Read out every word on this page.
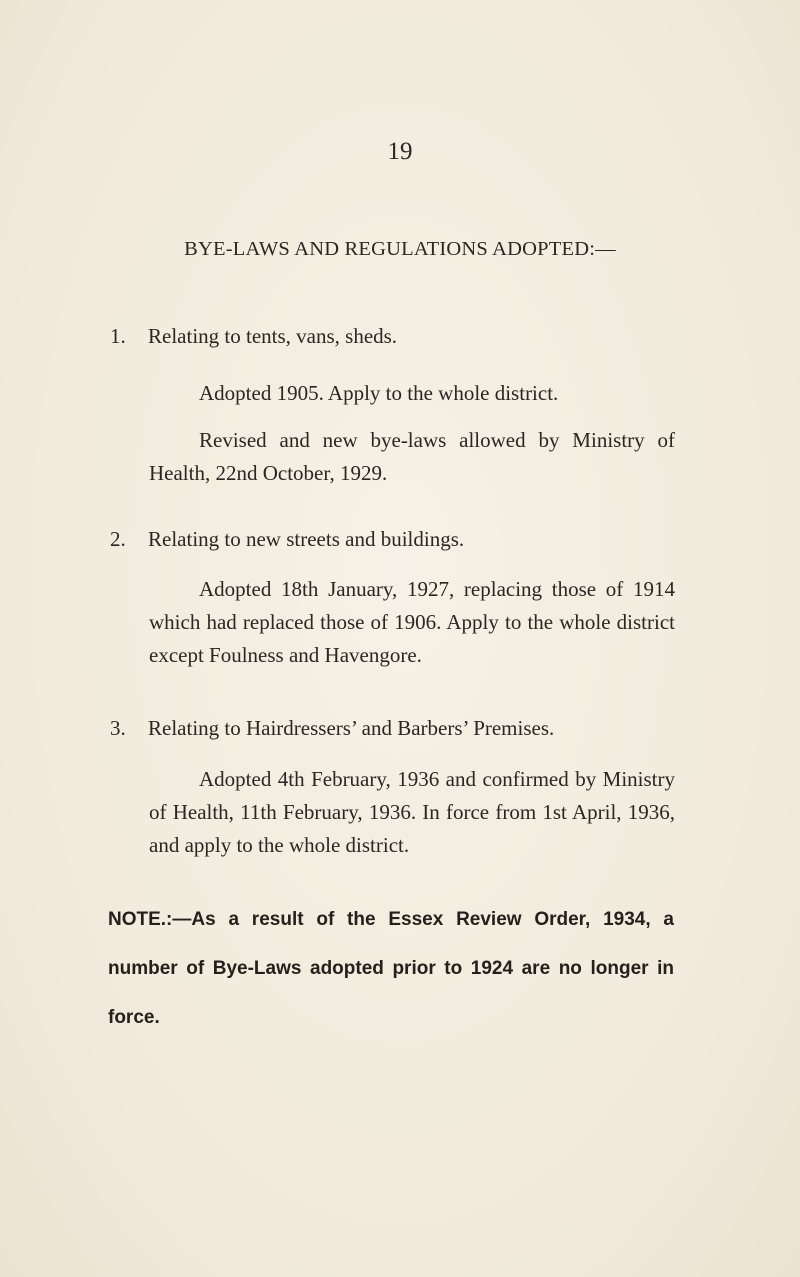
19
BYE-LAWS AND REGULATIONS ADOPTED:—
1. Relating to tents, vans, sheds.
Adopted 1905. Apply to the whole district.
Revised and new bye-laws allowed by Ministry of Health, 22nd October, 1929.
2. Relating to new streets and buildings.
Adopted 18th January, 1927, replacing those of 1914 which had replaced those of 1906. Apply to the whole district except Foulness and Havengore.
3. Relating to Hairdressers’ and Barbers’ Premises.
Adopted 4th February, 1936 and confirmed by Ministry of Health, 11th February, 1936. In force from 1st April, 1936, and apply to the whole district.
NOTE.:—As a result of the Essex Review Order, 1934, a number of Bye-Laws adopted prior to 1924 are no longer in force.
